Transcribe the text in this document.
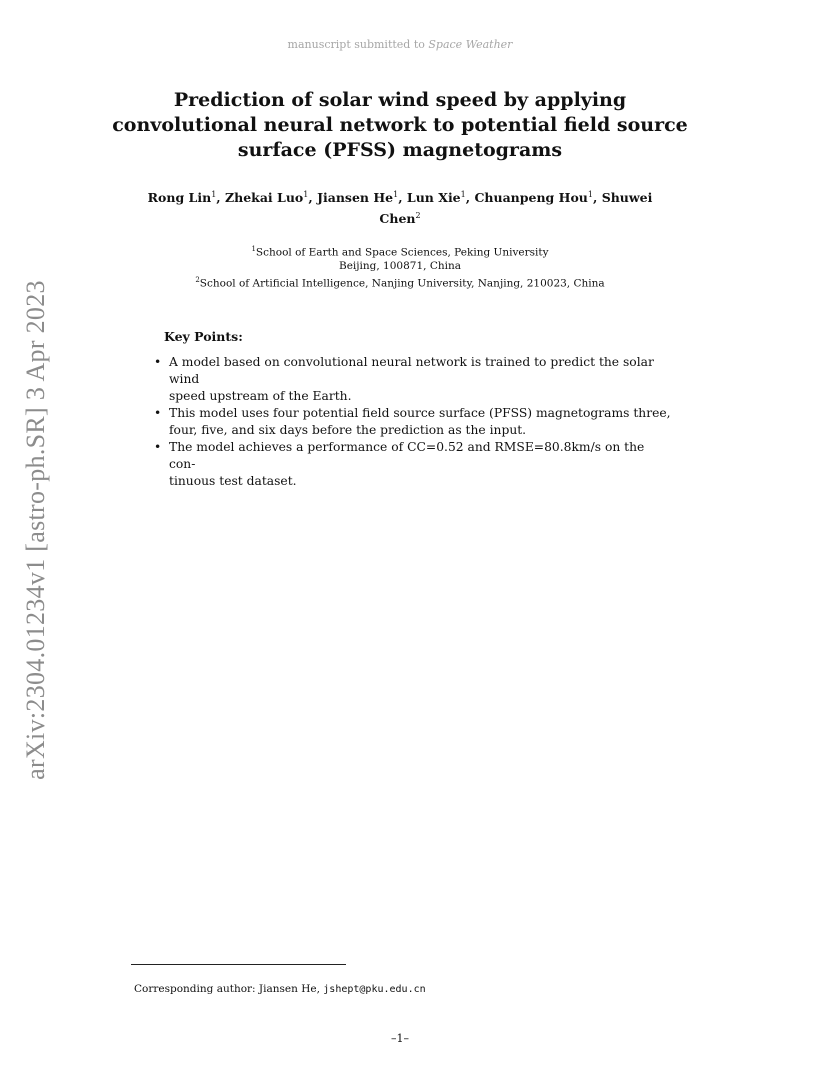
manuscript submitted to Space Weather
arXiv:2304.01234v1 [astro-ph.SR] 3 Apr 2023
Prediction of solar wind speed by applying
convolutional neural network to potential field source
surface (PFSS) magnetograms
Rong Lin$^1$, Zhekai Luo$^1$, Jiansen He$^1$, Lun Xie$^1$, Chuanpeng Hou$^1$, Shuwei Chen$^2$
$^1$School of Earth and Space Sciences, Peking University
Beijing, 100871, China
$^2$School of Artificial Intelligence, Nanjing University, Nanjing, 210023, China
Key Points:
• A model based on convolutional neural network is trained to predict the solar wind
speed upstream of the Earth.
• This model uses four potential field source surface (PFSS) magnetograms three,
four, five, and six days before the prediction as the input.
• The model achieves a performance of CC=0.52 and RMSE=80.8km/s on the con-
tinuous test dataset.
Corresponding author: Jiansen He, jshept@pku.edu.cn
–1–
